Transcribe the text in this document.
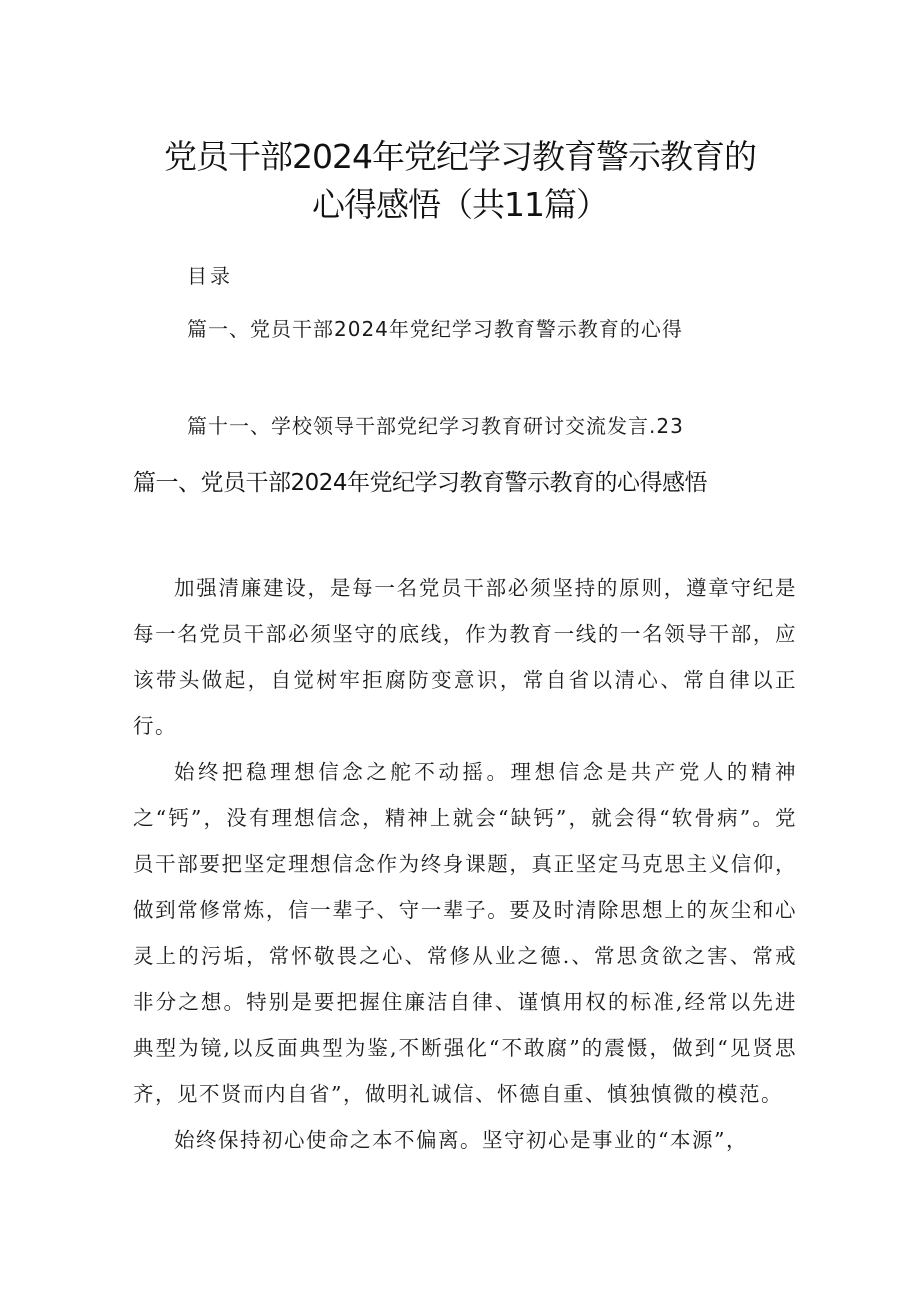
党员干部2024年党纪学习教育警示教育的
心得感悟（共11篇）
目录
篇一、党员干部2024年党纪学习教育警示教育的心得
篇十一、学校领导干部党纪学习教育研讨交流发言.23
篇一、党员干部2024年党纪学习教育警示教育的心得感悟

加强清廉建设，是每一名党员干部必须坚持的原则，遵章守纪是每一名党员干部必须坚守的底线，作为教育一线的一名领导干部，应该带头做起，自觉树牢拒腐防变意识，常自省以清心、常自律以正行。

始终把稳理想信念之舵不动摇。理想信念是共产党人的精神之“钙”，没有理想信念，精神上就会“缺钙”，就会得“软骨病”。党员干部要把坚定理想信念作为终身课题，真正坚定马克思主义信仰，做到常修常炼，信一辈子、守一辈子。要及时清除思想上的灰尘和心灵上的污垢，常怀敬畏之心、常修从业之德.、常思贪欲之害、常戒非分之想。特别是要把握住廉洁自律、谨慎用权的标准,经常以先进典型为镜,以反面典型为鉴,不断强化“不敢腐”的震慑，做到“见贤思齐，见不贤而内自省”，做明礼诚信、怀德自重、慎独慎微的模范。

始终保持初心使命之本不偏离。坚守初心是事业的“本源”，
